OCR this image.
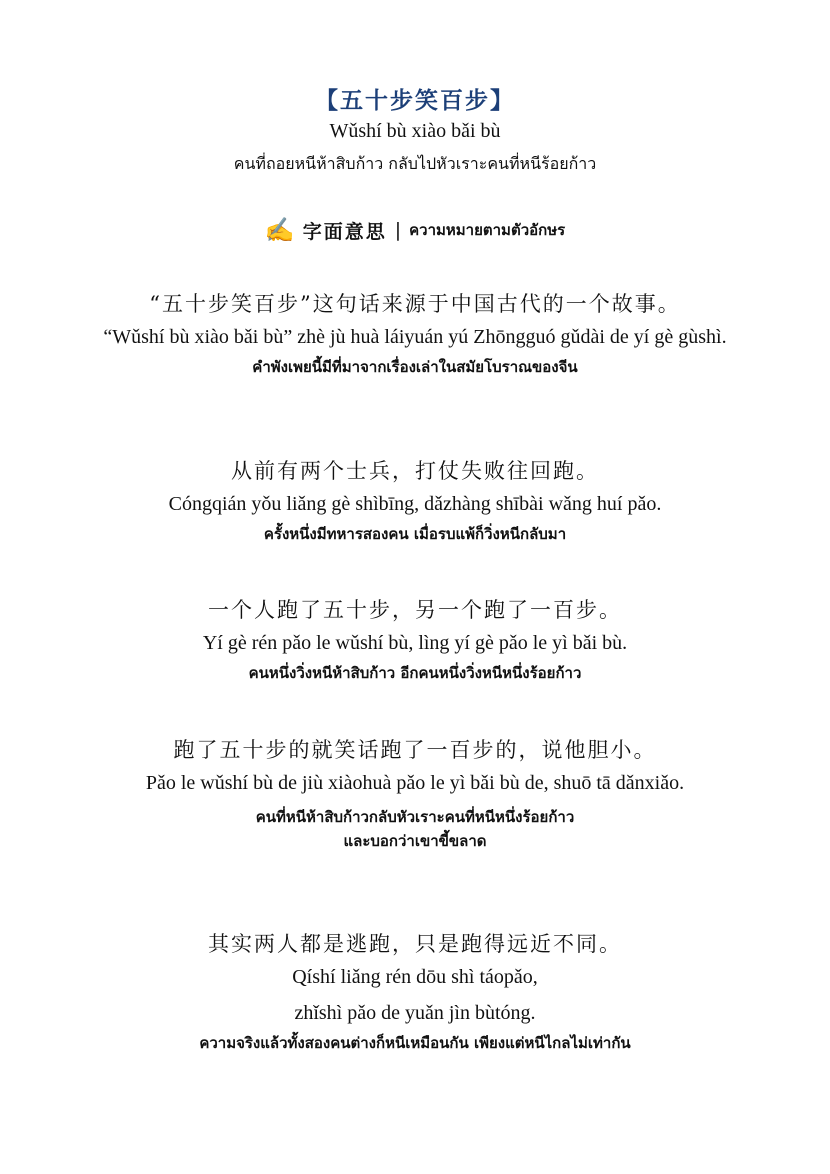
【五十步笑百步】
Wǔshí bù xiào bǎi bù
คนที่ถอยหนีห้าสิบก้าว กลับไปหัวเราะคนที่หนีร้อยก้าว
✍ 字面意思 | ความหมายตามตัวอักษร
“五十步笑百步”这句话来源于中国古代的一个故事。
“Wǔshí bù xiào bǎi bù” zhè jù huà láiyuán yú Zhōngguó gǔdài de yí gè gùshì.
คำพังเพยนี้มีที่มาจากเรื่องเล่าในสมัยโบราณของจีน
从前有两个士兵，打仗失败往回跑。
Cóngqián yǒu liǎng gè shìbīng, dǎzhàng shībài wǎng huí pǎo.
ครั้งหนึ่งมีทหารสองคน เมื่อรบแพ้ก็วิ่งหนีกลับมา
一个人跑了五十步，另一个跑了一百步。
Yí gè rén pǎo le wǔshí bù, lìng yí gè pǎo le yì bǎi bù.
คนหนึ่งวิ่งหนีห้าสิบก้าว อีกคนหนึ่งวิ่งหนีหนึ่งร้อยก้าว
跑了五十步的就笑话跑了一百步的，说他胆小。
Pǎo le wǔshí bù de jiù xiàohuà pǎo le yì bǎi bù de, shuō tā dǎnxiǎo.
คนที่หนีห้าสิบก้าวกลับหัวเราะคนที่หนีหนึ่งร้อยก้าว
และบอกว่าเขาขี้ขลาด
其实两人都是逃跑，只是跑得远近不同。
Qíshí liǎng rén dōu shì táopǎo,
zhǐshì pǎo de yuǎn jìn bùtóng.
ความจริงแล้วทั้งสองคนต่างก็หนีเหมือนกัน เพียงแต่หนีไกลไม่เท่ากัน
